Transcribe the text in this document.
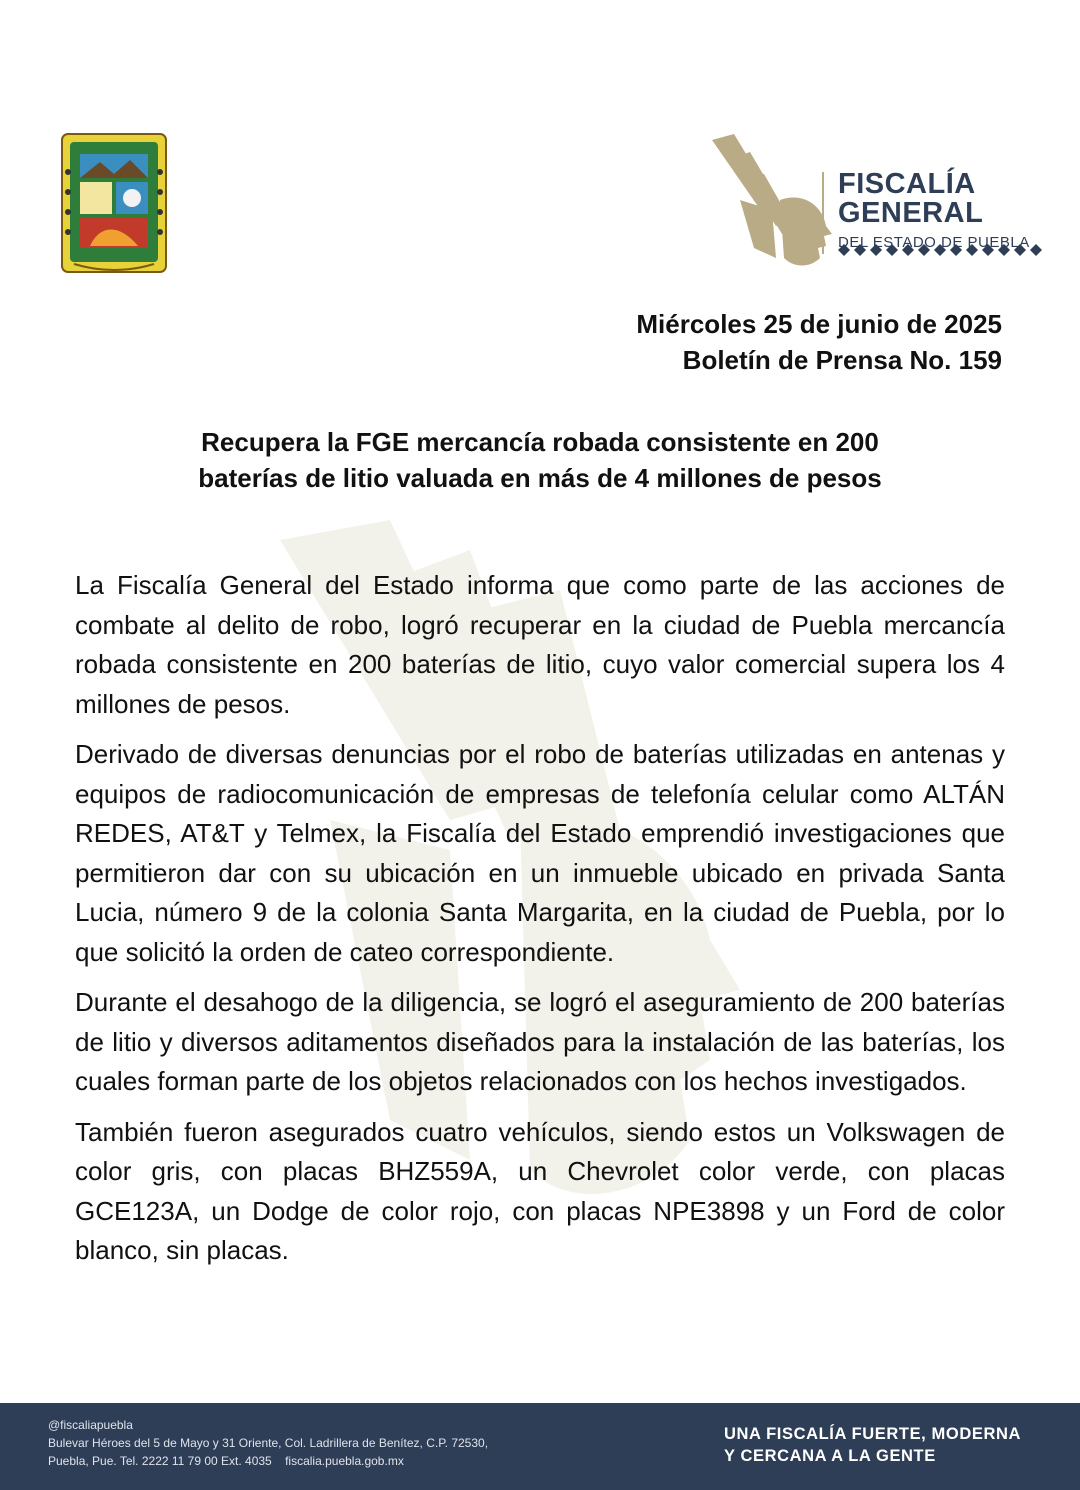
FISCALÍA
GENERAL
DEL ESTADO DE PUEBLA
Miércoles 25 de junio de 2025
Boletín de Prensa No. 159
Recupera la FGE mercancía robada consistente en 200
baterías de litio valuada en más de 4 millones de pesos

La Fiscalía General del Estado informa que como parte de las acciones de combate al delito de robo, logró recuperar en la ciudad de Puebla mercancía robada consistente en 200 baterías de litio, cuyo valor comercial supera los 4 millones de pesos.

Derivado de diversas denuncias por el robo de baterías utilizadas en antenas y equipos de radiocomunicación de empresas de telefonía celular como ALTÁN REDES, AT&T y Telmex, la Fiscalía del Estado emprendió investigaciones que permitieron dar con su ubicación en un inmueble ubicado en privada Santa Lucia, número 9 de la colonia Santa Margarita, en la ciudad de Puebla, por lo que solicitó la orden de cateo correspondiente.

Durante el desahogo de la diligencia, se logró el aseguramiento de 200 baterías de litio y diversos aditamentos diseñados para la instalación de las baterías, los cuales forman parte de los objetos relacionados con los hechos investigados.

También fueron asegurados cuatro vehículos, siendo estos un Volkswagen de color gris, con placas BHZ559A, un Chevrolet color verde, con placas GCE123A, un Dodge de color rojo, con placas NPE3898 y un Ford de color blanco, sin placas.

@fiscaliapuebla
Bulevar Héroes del 5 de Mayo y 31 Oriente, Col. Ladrillera de Benítez, C.P. 72530,
Puebla, Pue. Tel. 2222 11 79 00 Ext. 4035 fiscalia.puebla.gob.mx
UNA FISCALÍA FUERTE, MODERNA
Y CERCANA A LA GENTE
